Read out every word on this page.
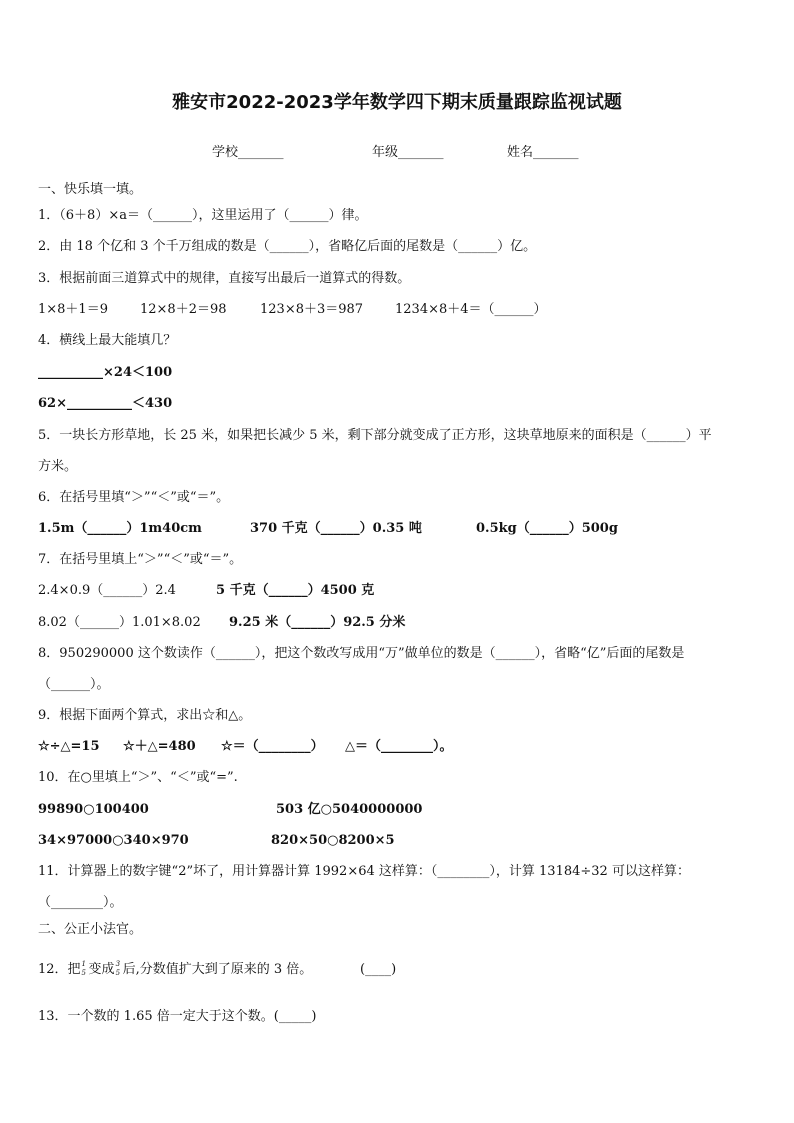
雅安市2022-2023学年数学四下期末质量跟踪监视试题
学校_______	年级_______	姓名_______
一、快乐填一填。
1．（6＋8）×a＝（______），这里运用了（______）律。
2．由 18 个亿和 3 个千万组成的数是（______），省略亿后面的尾数是（______）亿。
3．根据前面三道算式中的规律，直接写出最后一道算式的得数。
1×8＋1＝9 12×8＋2＝98	123×8＋3＝987 1234×8＋4＝（______）
4．横线上最大能填几？
__________×24＜100
62×__________＜430
5．一块长方形草地，长 25 米，如果把长减少 5 米，剩下部分就变成了正方形，这块草地原来的面积是（______）平
方米。
6．在括号里填“＞”“＜”或“＝”。
1.5m（______）1m40cm	370 千克（______）0.35 吨	0.5kg（______）500g
7．在括号里填上“＞”“＜”或“＝”。
2.4×0.9（______）2.4	5 千克（______）4500 克
8.02（______）1.01×8.02 9.25 米（______）92.5 分米
8．950290000 这个数读作（______），把这个数改写成用“万”做单位的数是（______），省略“亿”后面的尾数是
（______）。
9．根据下面两个算式，求出☆和△。
☆÷△=15 ☆＋△=480 ☆＝（________） △＝（________）。
10．在○里填上“＞”、“＜”或“=”.
99890○100400	503 亿○5040000000
34×97000○340×970	820×50○8200×5
11．计算器上的数字键“2”坏了，用计算器计算 1992×64 这样算：（________），计算 13184÷32 可以这样算：
（________）。
二、公正小法官。
12．把 1
5 变成 3
5 后,分数值扩大到了原来的 3 倍。	(____)
13．一个数的 1.65 倍一定大于这个数。(_____)
